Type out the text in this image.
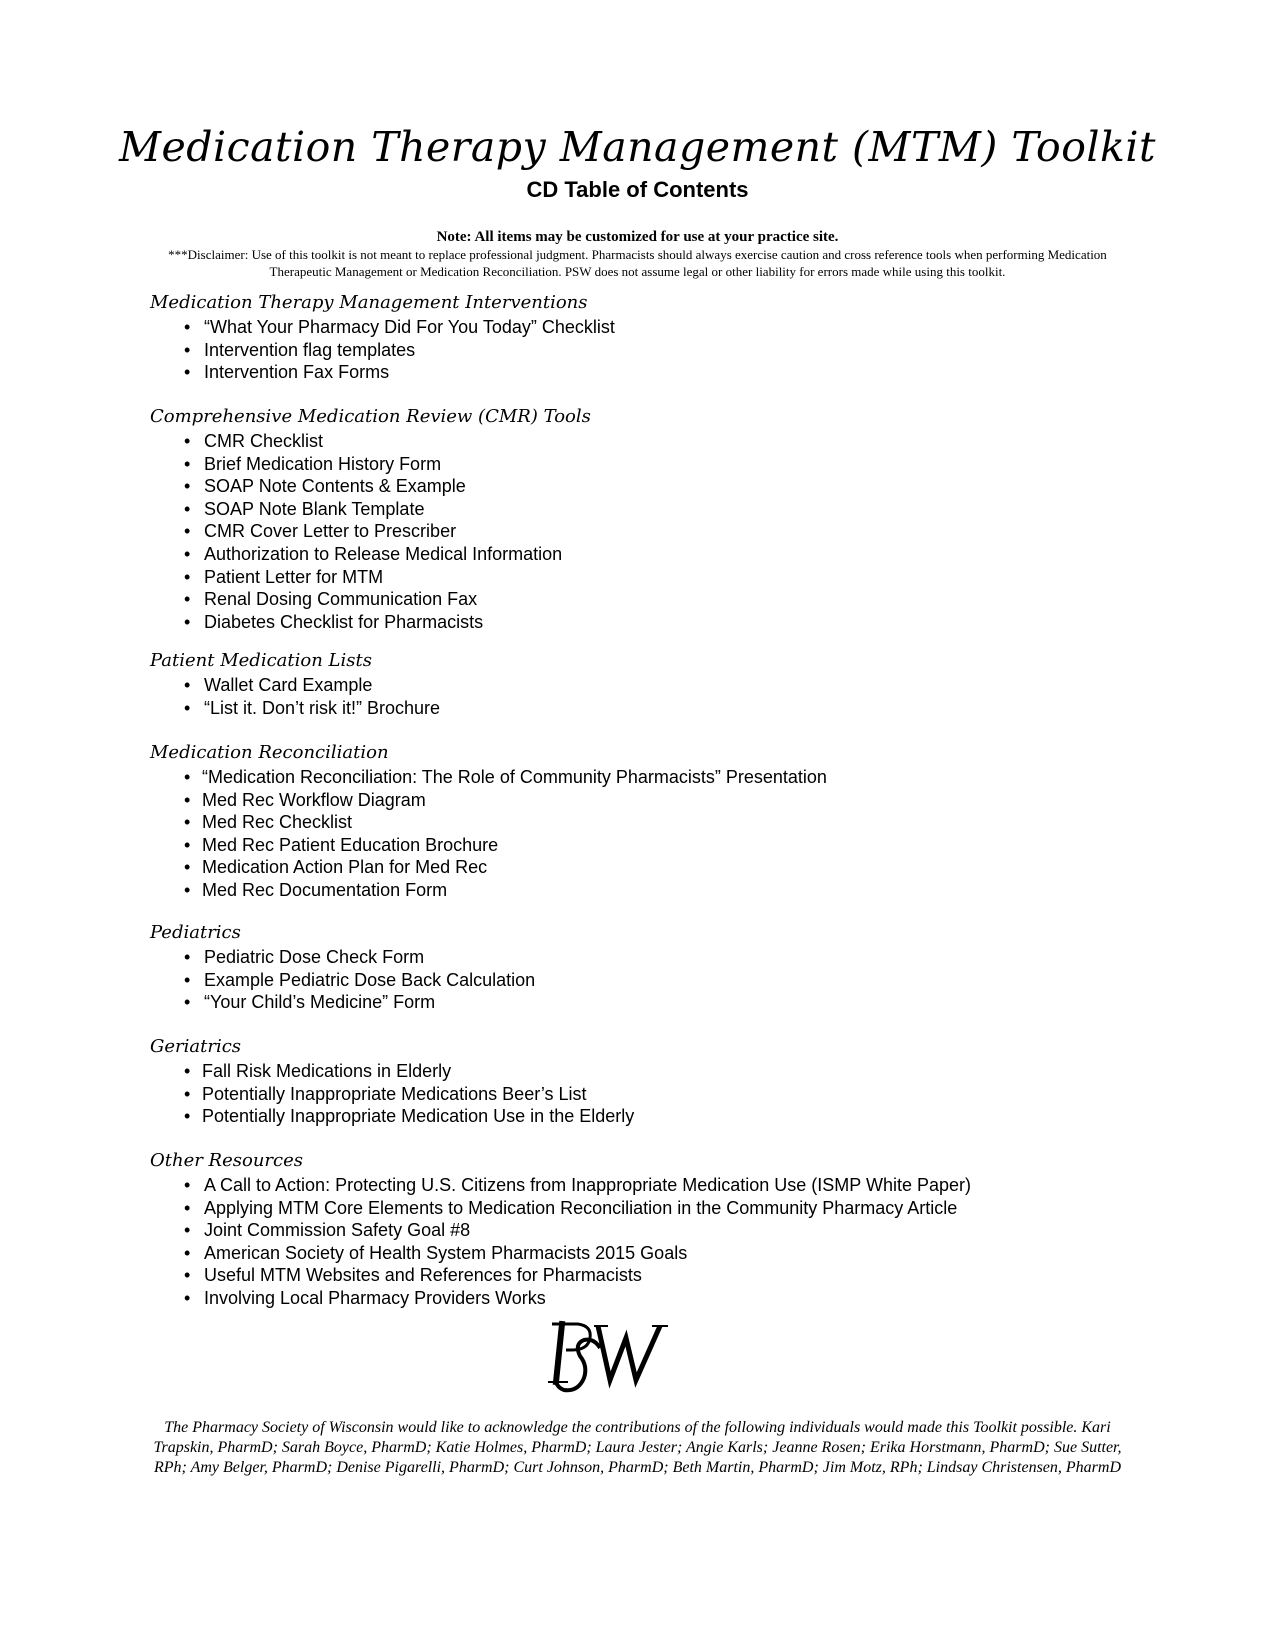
Medication Therapy Management (MTM) Toolkit
CD Table of Contents
Note: All items may be customized for use at your practice site.
***Disclaimer: Use of this toolkit is not meant to replace professional judgment. Pharmacists should always exercise caution and cross reference tools when performing Medication Therapeutic Management or Medication Reconciliation. PSW does not assume legal or other liability for errors made while using this toolkit.
Medication Therapy Management Interventions
• “What Your Pharmacy Did For You Today” Checklist
• Intervention flag templates
• Intervention Fax Forms
Comprehensive Medication Review (CMR) Tools
• CMR Checklist
• Brief Medication History Form
• SOAP Note Contents & Example
• SOAP Note Blank Template
• CMR Cover Letter to Prescriber
• Authorization to Release Medical Information
• Patient Letter for MTM
• Renal Dosing Communication Fax
• Diabetes Checklist for Pharmacists
Patient Medication Lists
• Wallet Card Example
• “List it. Don’t risk it!” Brochure
Medication Reconciliation
• “Medication Reconciliation: The Role of Community Pharmacists” Presentation
• Med Rec Workflow Diagram
• Med Rec Checklist
• Med Rec Patient Education Brochure
• Medication Action Plan for Med Rec
• Med Rec Documentation Form
Pediatrics
• Pediatric Dose Check Form
• Example Pediatric Dose Back Calculation
• “Your Child’s Medicine” Form
Geriatrics
• Fall Risk Medications in Elderly
• Potentially Inappropriate Medications Beer’s List
• Potentially Inappropriate Medication Use in the Elderly
Other Resources
• A Call to Action: Protecting U.S. Citizens from Inappropriate Medication Use (ISMP White Paper)
• Applying MTM Core Elements to Medication Reconciliation in the Community Pharmacy Article
• Joint Commission Safety Goal #8
• American Society of Health System Pharmacists 2015 Goals
• Useful MTM Websites and References for Pharmacists
• Involving Local Pharmacy Providers Works
The Pharmacy Society of Wisconsin would like to acknowledge the contributions of the following individuals would made this Toolkit possible. Kari Trapskin, PharmD; Sarah Boyce, PharmD; Katie Holmes, PharmD; Laura Jester; Angie Karls; Jeanne Rosen; Erika Horstmann, PharmD; Sue Sutter, RPh; Amy Belger, PharmD; Denise Pigarelli, PharmD; Curt Johnson, PharmD; Beth Martin, PharmD; Jim Motz, RPh; Lindsay Christensen, PharmD
